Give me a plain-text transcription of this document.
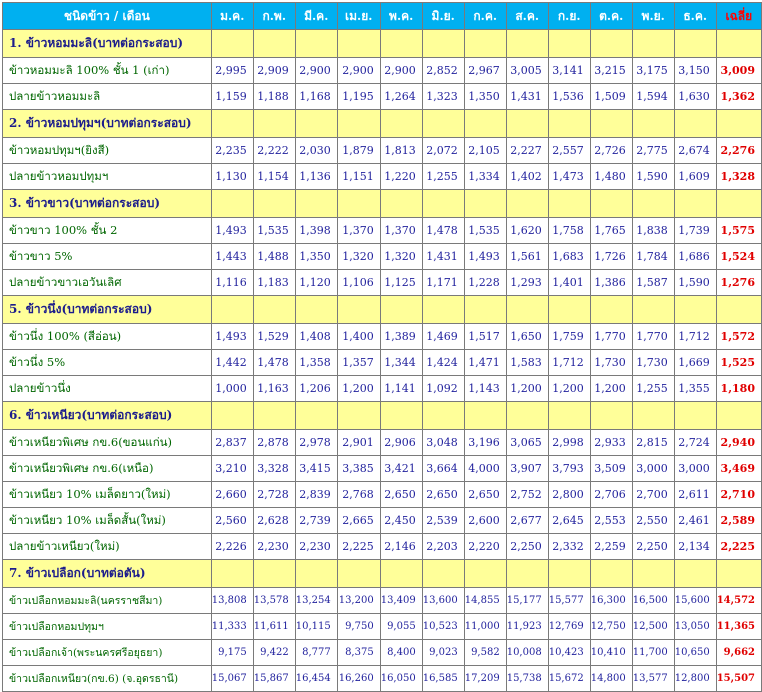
ชนิดข้าว / เดือน	ม.ค.	ก.พ.	มี.ค.	เม.ย.	พ.ค.	มิ.ย.	ก.ค.	ส.ค.	ก.ย.	ต.ค.	พ.ย.	ธ.ค.	เฉลี่ย
1. ข้าวหอมมะลิ(บาทต่อกระสอบ)													
ข้าวหอมมะลิ 100% ชั้น 1 (เก่า)	2,995	2,909	2,900	2,900	2,900	2,852	2,967	3,005	3,141	3,215	3,175	3,150	3,009
ปลายข้าวหอมมะลิ	1,159	1,188	1,168	1,195	1,264	1,323	1,350	1,431	1,536	1,509	1,594	1,630	1,362
2. ข้าวหอมปทุมฯ(บาทต่อกระสอบ)													
ข้าวหอมปทุมฯ(ยิงสี)	2,235	2,222	2,030	1,879	1,813	2,072	2,105	2,227	2,557	2,726	2,775	2,674	2,276
ปลายข้าวหอมปทุมฯ	1,130	1,154	1,136	1,151	1,220	1,255	1,334	1,402	1,473	1,480	1,590	1,609	1,328
3. ข้าวขาว(บาทต่อกระสอบ)													
ข้าวขาว 100% ชั้น 2	1,493	1,535	1,398	1,370	1,370	1,478	1,535	1,620	1,758	1,765	1,838	1,739	1,575
ข้าวขาว 5%	1,443	1,488	1,350	1,320	1,320	1,431	1,493	1,561	1,683	1,726	1,784	1,686	1,524
ปลายข้าวขาวเอวันเลิศ	1,116	1,183	1,120	1,106	1,125	1,171	1,228	1,293	1,401	1,386	1,587	1,590	1,276
5. ข้าวนึ่ง(บาทต่อกระสอบ)													
ข้าวนึ่ง 100% (สีอ่อน)	1,493	1,529	1,408	1,400	1,389	1,469	1,517	1,650	1,759	1,770	1,770	1,712	1,572
ข้าวนึ่ง 5%	1,442	1,478	1,358	1,357	1,344	1,424	1,471	1,583	1,712	1,730	1,730	1,669	1,525
ปลายข้าวนึ่ง	1,000	1,163	1,206	1,200	1,141	1,092	1,143	1,200	1,200	1,200	1,255	1,355	1,180
6. ข้าวเหนียว(บาทต่อกระสอบ)													
ข้าวเหนียวพิเศษ กข.6(ขอนแก่น)	2,837	2,878	2,978	2,901	2,906	3,048	3,196	3,065	2,998	2,933	2,815	2,724	2,940
ข้าวเหนียวพิเศษ กข.6(เหนือ)	3,210	3,328	3,415	3,385	3,421	3,664	4,000	3,907	3,793	3,509	3,000	3,000	3,469
ข้าวเหนียว 10% เมล็ดยาว(ใหม่)	2,660	2,728	2,839	2,768	2,650	2,650	2,650	2,752	2,800	2,706	2,700	2,611	2,710
ข้าวเหนียว 10% เมล็ดสั้น(ใหม่)	2,560	2,628	2,739	2,665	2,450	2,539	2,600	2,677	2,645	2,553	2,550	2,461	2,589
ปลายข้าวเหนียว(ใหม่)	2,226	2,230	2,230	2,225	2,146	2,203	2,220	2,250	2,332	2,259	2,250	2,134	2,225
7. ข้าวเปลือก(บาทต่อตัน)													
ข้าวเปลือกหอมมะลิ(นครราชสีมา)	13,808	13,578	13,254	13,200	13,409	13,600	14,855	15,177	15,577	16,300	16,500	15,600	14,572
ข้าวเปลือกหอมปทุมฯ	11,333	11,611	10,115	9,750	9,055	10,523	11,000	11,923	12,769	12,750	12,500	13,050	11,365
ข้าวเปลือกเจ้า(พระนครศรีอยุธยา)	9,175	9,422	8,777	8,375	8,400	9,023	9,582	10,008	10,423	10,410	11,700	10,650	9,662
ข้าวเปลือกเหนียว(กข.6) (จ.อุดรธานี)	15,067	15,867	16,454	16,260	16,050	16,585	17,209	15,738	15,672	14,800	13,577	12,800	15,507
